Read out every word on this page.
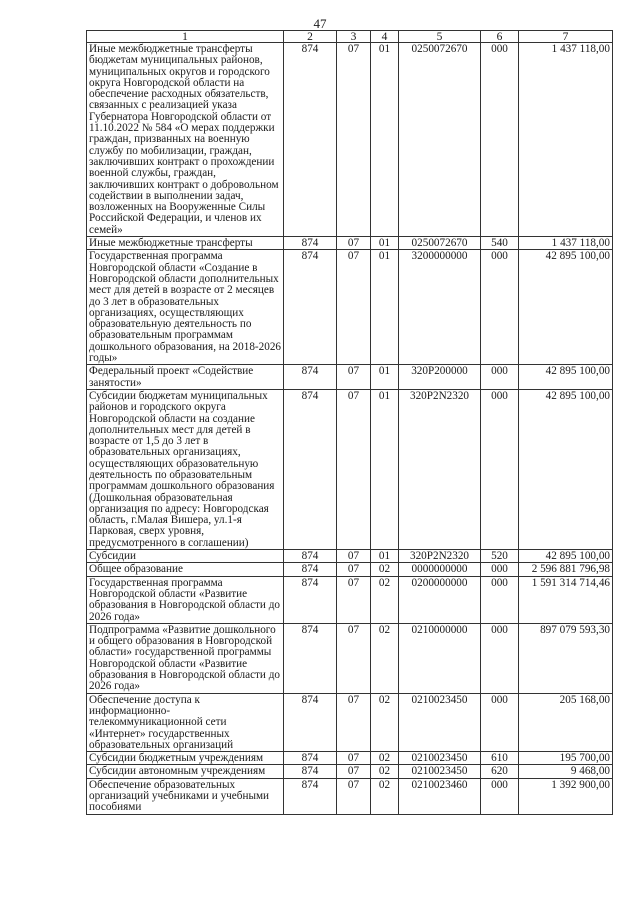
47
1	2	3	4	5	6	7
Иные межбюджетные трансферты бюджетам муниципальных районов, муниципальных округов и городского округа Новгородской области на обеспечение расходных обязательств, связанных с реализацией указа Губернатора Новгородской области от 11.10.2022 № 584 «О мерах поддержки граждан, призванных на военную службу по мобилизации, граждан, заключивших контракт о прохождении военной службы, граждан, заключивших контракт о добровольном содействии в выполнении задач, возложенных на Вооруженные Силы Российской Федерации, и членов их семей»	874	07	01	0250072670	000	1 437 118,00
Иные межбюджетные трансферты	874	07	01	0250072670	540	1 437 118,00
Государственная программа Новгородской области «Создание в Новгородской области дополнительных мест для детей в возрасте от 2 месяцев до 3 лет в образовательных организациях, осуществляющих образовательную деятельность по образовательным программам дошкольного образования, на 2018-2026 годы»	874	07	01	3200000000	000	42 895 100,00
Федеральный проект «Содействие занятости»	874	07	01	320P200000	000	42 895 100,00
Субсидии бюджетам муниципальных районов и городского округа Новгородской области на создание дополнительных мест для детей в возрасте от 1,5 до 3 лет в образовательных организациях, осуществляющих образовательную деятельность по образовательным программам дошкольного образования (Дошкольная образовательная организация по адресу: Новгородская область, г.Малая Вишера, ул.1-я Парковая, сверх уровня, предусмотренного в соглашении)	874	07	01	320P2N2320	000	42 895 100,00
Субсидии	874	07	01	320P2N2320	520	42 895 100,00
Общее образование	874	07	02	0000000000	000	2 596 881 796,98
Государственная программа Новгородской области «Развитие образования в Новгородской области до 2026 года»	874	07	02	0200000000	000	1 591 314 714,46
Подпрограмма «Развитие дошкольного и общего образования в Новгородской области» государственной программы Новгородской области «Развитие образования в Новгородской области до 2026 года»	874	07	02	0210000000	000	897 079 593,30
Обеспечение доступа к информационно-телекоммуникационной сети «Интернет» государственных образовательных организаций	874	07	02	0210023450	000	205 168,00
Субсидии бюджетным учреждениям	874	07	02	0210023450	610	195 700,00
Субсидии автономным учреждениям	874	07	02	0210023450	620	9 468,00
Обеспечение образовательных организаций учебниками и учебными пособиями	874	07	02	0210023460	000	1 392 900,00
